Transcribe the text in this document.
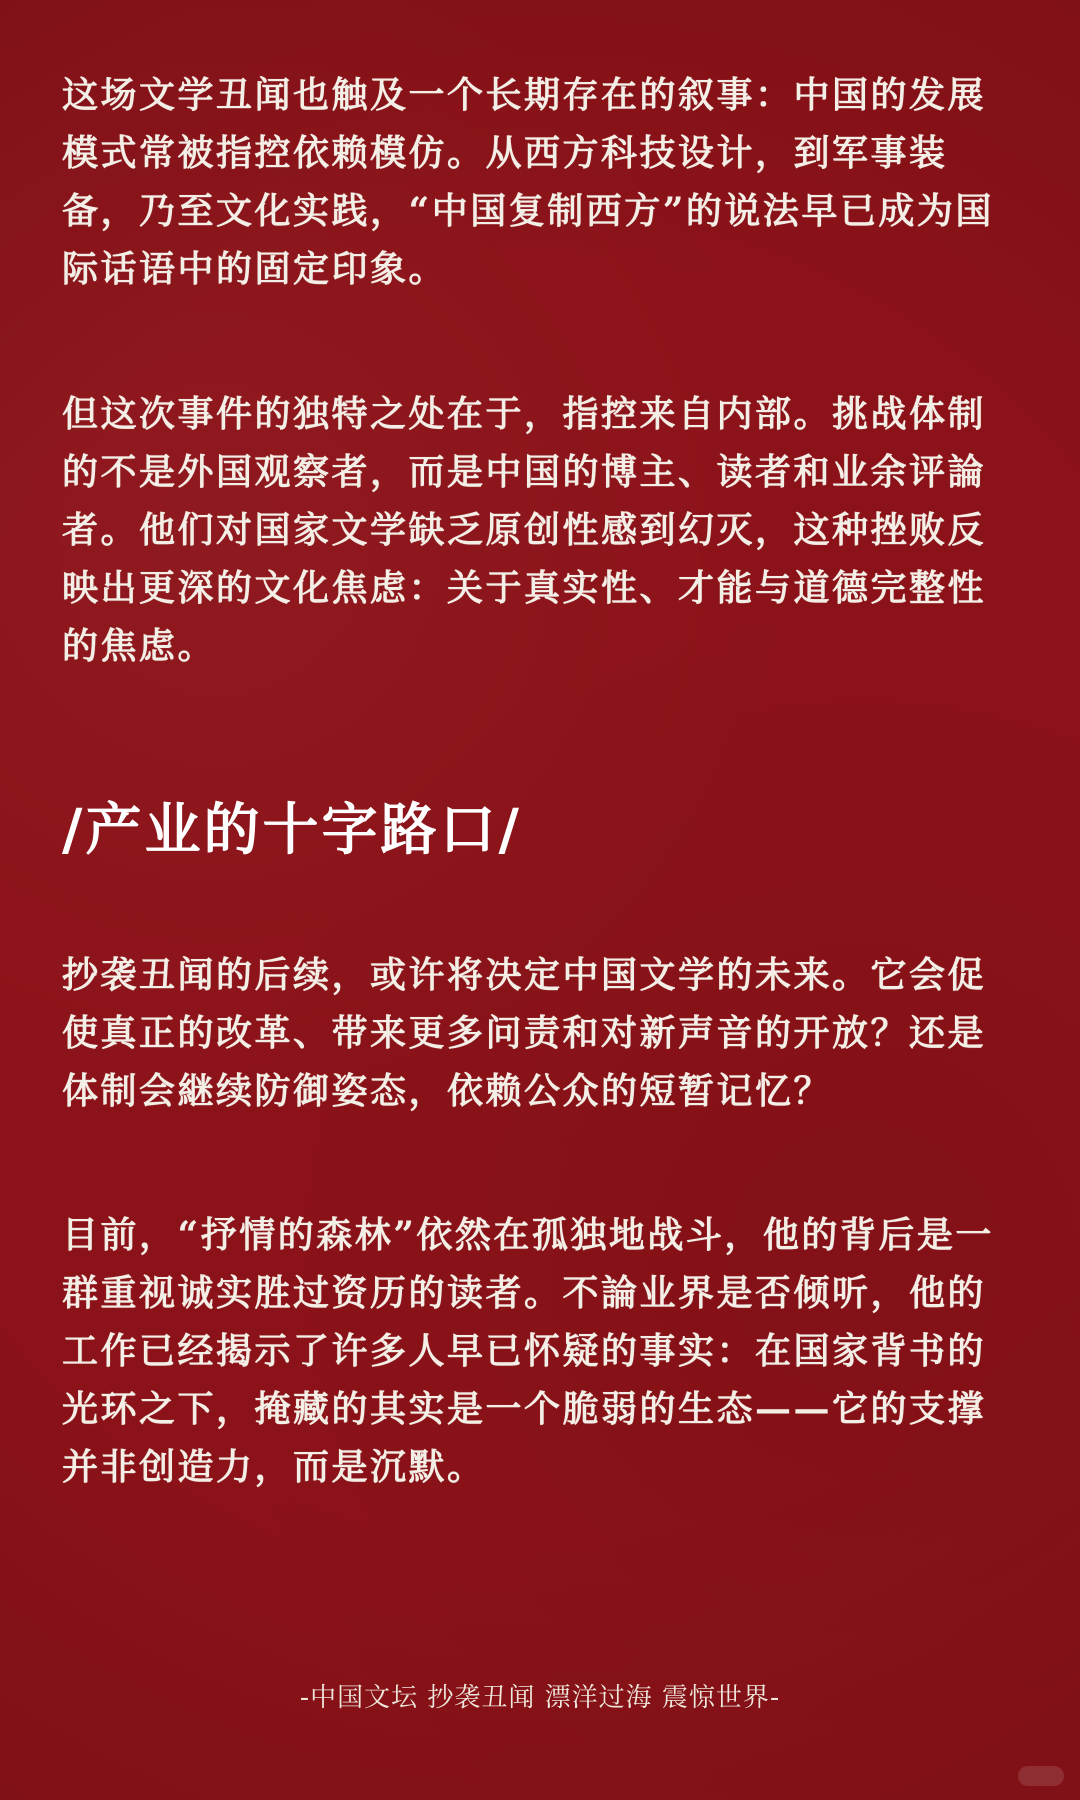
这场文学丑闻也触及一个长期存在的叙事：中国的发展模式常被指控依赖模仿。从西方科技设计，到军事装备，乃至文化实践，“中国复制西方”的说法早已成为国际话语中的固定印象。

但这次事件的独特之处在于，指控来自内部。挑战体制的不是外国观察者，而是中国的博主、读者和业余评論者。他们对国家文学缺乏原创性感到幻灭，这种挫败反映出更深的文化焦虑：关于真实性、才能与道德完整性的焦虑。

/产业的十字路口/

抄袭丑闻的后续，或许将决定中国文学的未来。它会促使真正的改革、带来更多问责和对新声音的开放？还是体制会継续防御姿态，依赖公众的短暂记忆？

目前，“抒情的森林”依然在孤独地战斗，他的背后是一群重视诚实胜过资历的读者。不論业界是否倾听，他的工作已经揭示了许多人早已怀疑的事实：在国家背书的光环之下，掩藏的其实是一个脆弱的生态——它的支撑并非创造力，而是沉默。

-中国文坛 抄袭丑闻 漂洋过海 震惊世界-
